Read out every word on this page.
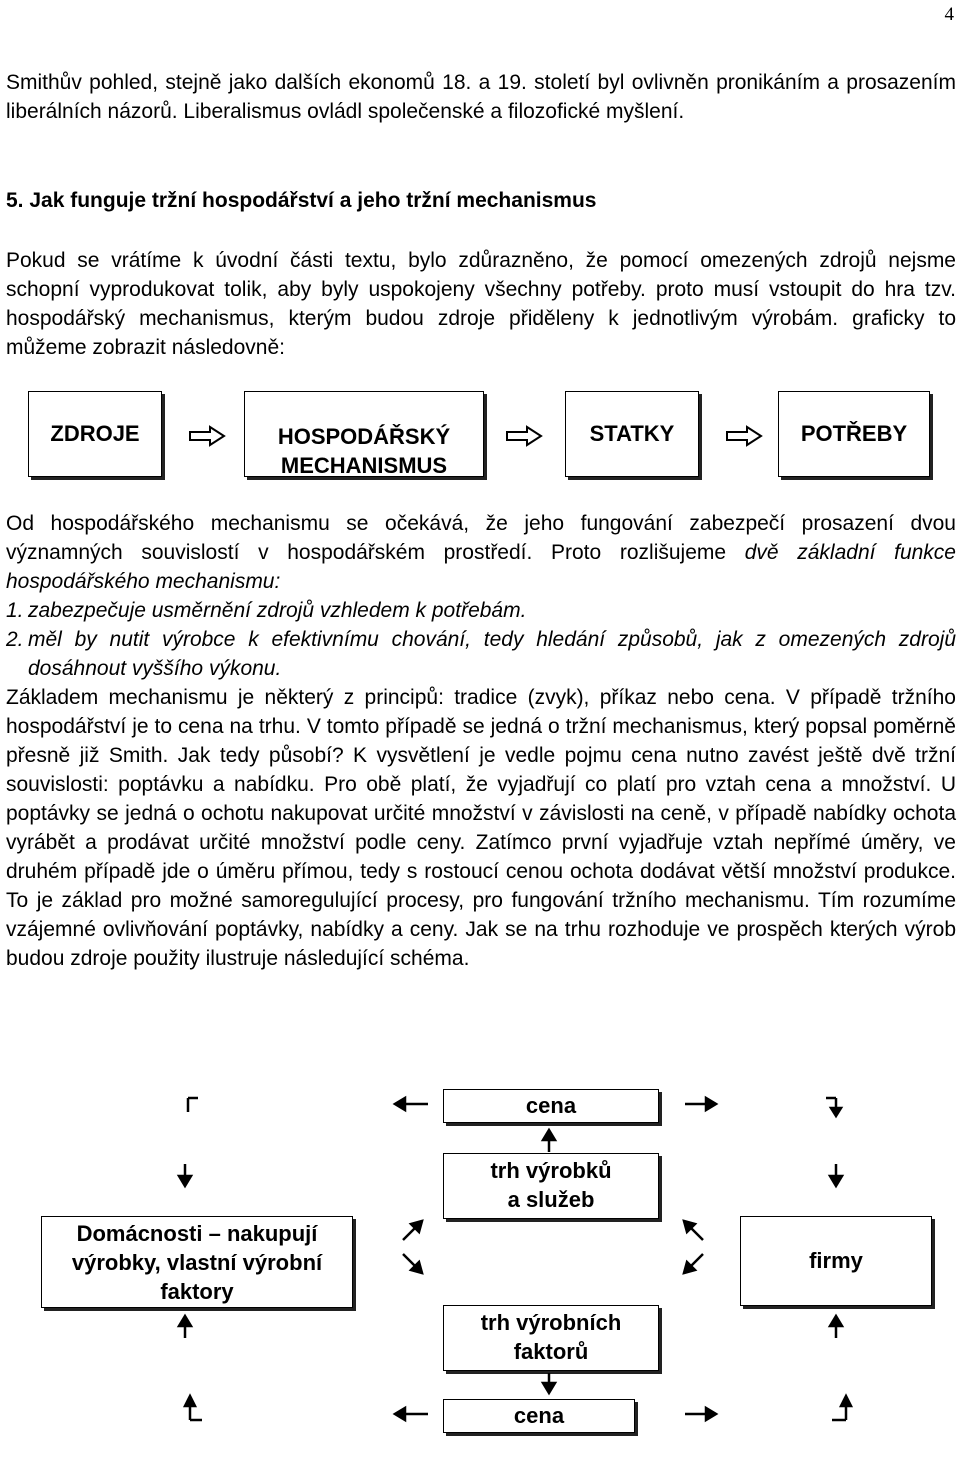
4

Smithův pohled, stejně jako dalších ekonomů 18. a 19. století byl ovlivněn pronikáním a prosazením liberálních názorů. Liberalismus ovládl společenské a filozofické myšlení.

5. Jak funguje tržní hospodářství a jeho tržní mechanismus

Pokud se vrátíme k úvodní části textu, bylo zdůrazněno, že pomocí omezených zdrojů nejsme schopní vyprodukovat tolik, aby byly uspokojeny všechny potřeby. proto musí vstoupit do hra tzv. hospodářský mechanismus, kterým budou zdroje přiděleny k jednotlivým výrobám. graficky to můžeme zobrazit následovně:

ZDROJE	HOSPODÁŘSKÝ
MECHANISMUS
STATKY	POTŘEBY

Od hospodářského mechanismu se očekává, že jeho fungování zabezpečí prosazení dvou významných souvislostí v hospodářském prostředí. Proto rozlišujeme dvě základní funkce hospodářského mechanismu:

1. zabezpečuje usměrnění zdrojů vzhledem k potřebám.
2. měl by nutit výrobce k efektivnímu chování, tedy hledání způsobů, jak z omezených zdrojů dosáhnout vyššího výkonu.

Základem mechanismu je některý z principů: tradice (zvyk), příkaz nebo cena. V případě tržního hospodářství je to cena na trhu. V tomto případě se jedná o tržní mechanismus, který popsal poměrně přesně již Smith. Jak tedy působí? K vysvětlení je vedle pojmu cena nutno zavést ještě dvě tržní souvislosti: poptávku a nabídku. Pro obě platí, že vyjadřují co platí pro vztah cena a množství. U poptávky se jedná o ochotu nakupovat určité množství v závislosti na ceně, v případě nabídky ochota vyrábět a prodávat určité množství podle ceny. Zatímco první vyjadřuje vztah nepřímé úměry, ve druhém případě jde o úměru přímou, tedy s rostoucí cenou ochota dodávat větší množství produkce. To je základ pro možné samoregulující procesy, pro fungování tržního mechanismu. Tím rozumíme vzájemné ovlivňování poptávky, nabídky a ceny. Jak se na trhu rozhoduje ve prospěch kterých výrob budou zdroje použity ilustruje následující schéma.

cena
trh výrobků
a služeb
Domácnosti – nakupují
výrobky, vlastní výrobní
faktory
firmy
trh výrobních
faktorů
cena
